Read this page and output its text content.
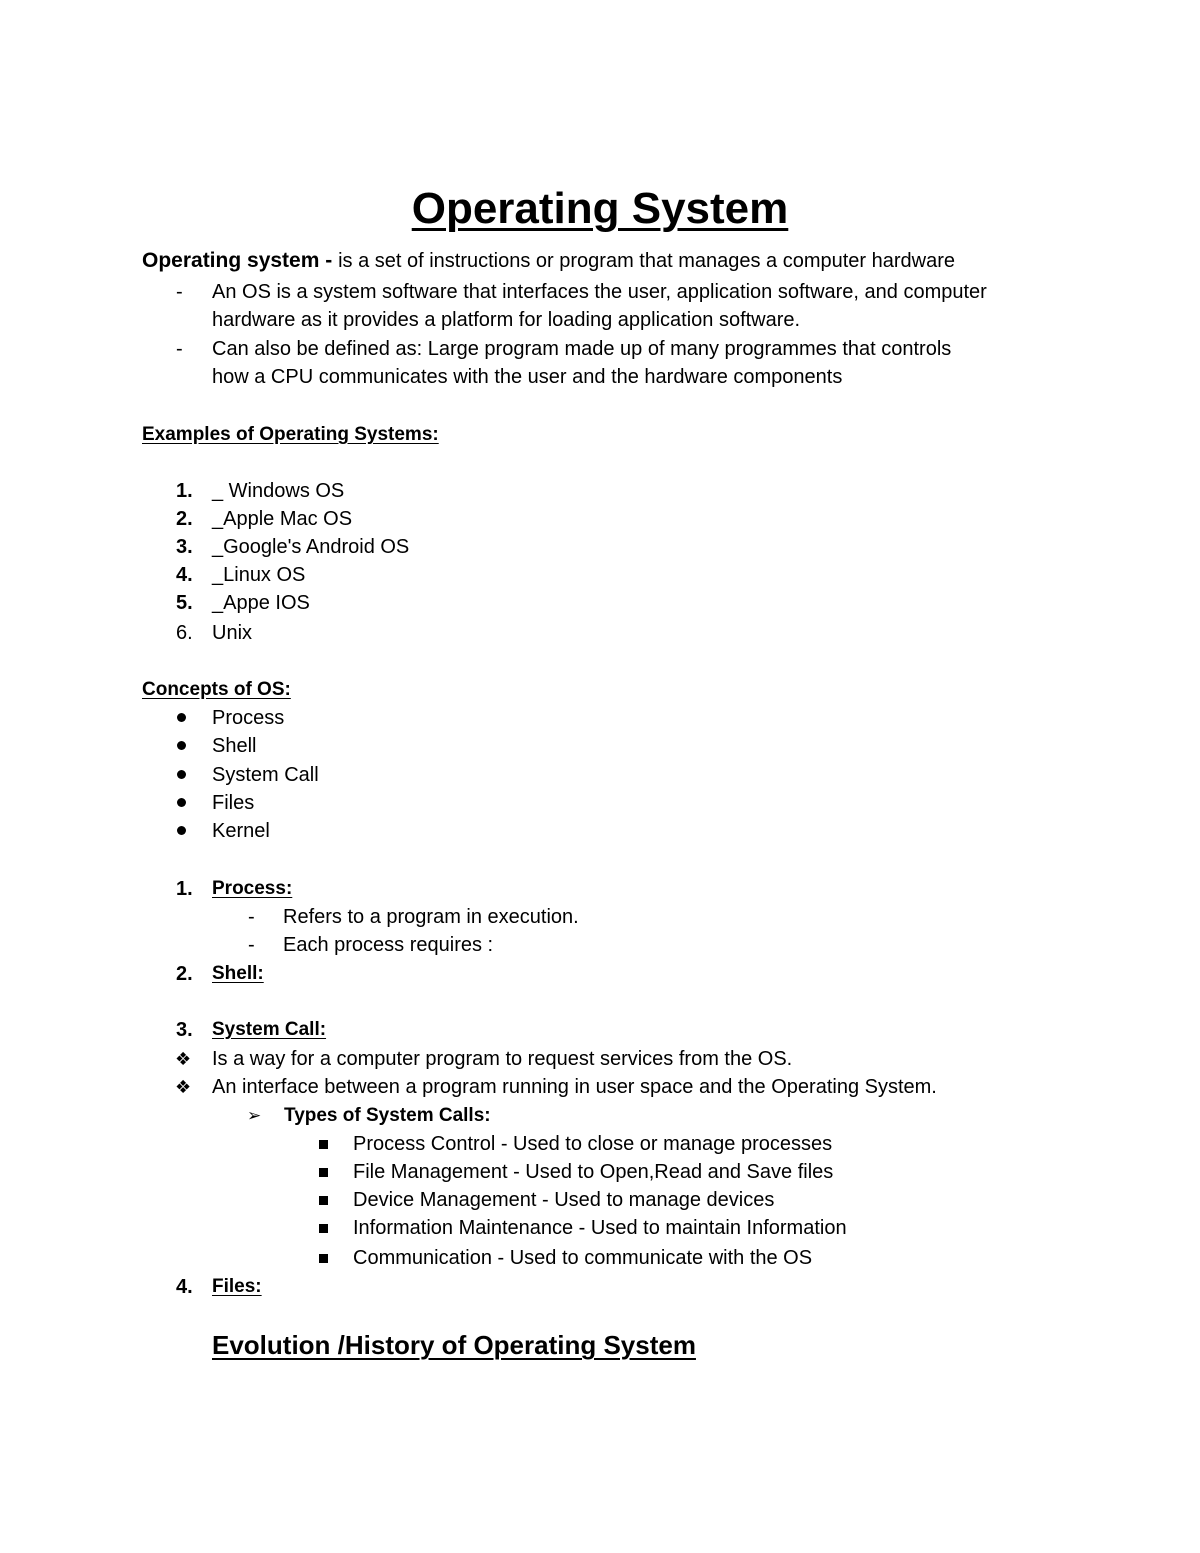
Operating System
Operating system - is a set of instructions or program that manages a computer hardware
- An OS is a system software that interfaces the user, application software, and computer
hardware as it provides a platform for loading application software.
- Can also be defined as: Large program made up of many programmes that controls
how a CPU communicates with the user and the hardware components
Examples of Operating Systems:
1. _ Windows OS
2. _Apple Mac OS
3. _Google's Android OS
4. _Linux OS
5. _Appe IOS
6. Unix
Concepts of OS:
Process
Shell
System Call
Files
Kernel
1. Process:
- Refers to a program in execution.
- Each process requires :
2. Shell:
3. System Call:
❖ Is a way for a computer program to request services from the OS.
❖ An interface between a program running in user space and the Operating System.
➢ Types of System Calls:
Process Control - Used to close or manage processes
File Management - Used to Open,Read and Save files
Device Management - Used to manage devices
Information Maintenance - Used to maintain Information
Communication - Used to communicate with the OS
4. Files:
Evolution /History of Operating System
